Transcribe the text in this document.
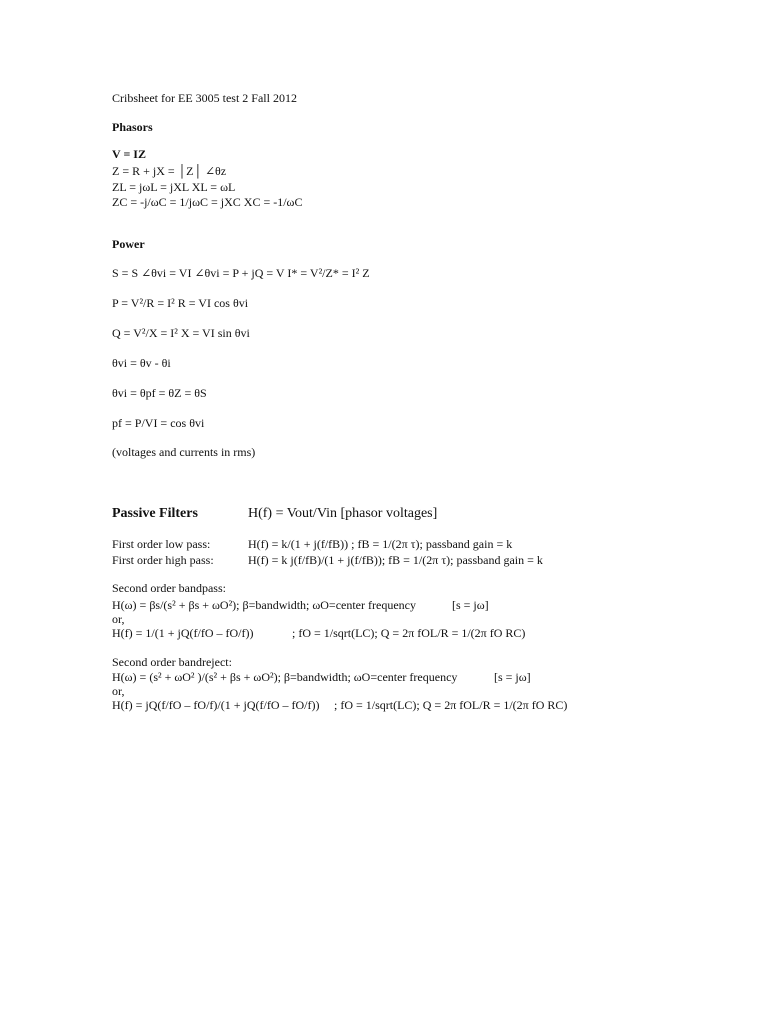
Cribsheet for EE 3005 test 2 Fall 2012
Phasors
V = IZ
Z = R + jX = │Z│ ∠θz
ZL = jωL = jXL XL = ωL
ZC = -j/ωC = 1/jωC = jXC XC = -1/ωC
Power
S = S ∠θvi = VI ∠θvi = P + jQ = V I* = V²/Z* = I² Z
P = V²/R = I² R = VI cos θvi
Q = V²/X = I² X = VI sin θvi
θvi = θv - θi
θvi = θpf = θZ = θS
pf = P/VI = cos θvi
(voltages and currents in rms)
Passive Filters	H(f) = Vout/Vin [phasor voltages]
First order low pass:	H(f) = k/(1 + j(f/fB)) ; fB = 1/(2π τ); passband gain = k
First order high pass:	H(f) = k j(f/fB)/(1 + j(f/fB)); fB = 1/(2π τ); passband gain = k
Second order bandpass:
H(ω) = βs/(s² + βs + ωO²); β=bandwidth; ωO=center frequency	[s = jω]
or,
H(f) = 1/(1 + jQ(f/fO – fO/f))	; fO = 1/sqrt(LC); Q = 2π fOL/R = 1/(2π fO RC)
Second order bandreject:
H(ω) = (s² + ωO² )/(s² + βs + ωO²); β=bandwidth; ωO=center frequency	[s = jω]
or,
H(f) = jQ(f/fO – fO/f)/(1 + jQ(f/fO – fO/f)) ; fO = 1/sqrt(LC); Q = 2π fOL/R = 1/(2π fO RC)
